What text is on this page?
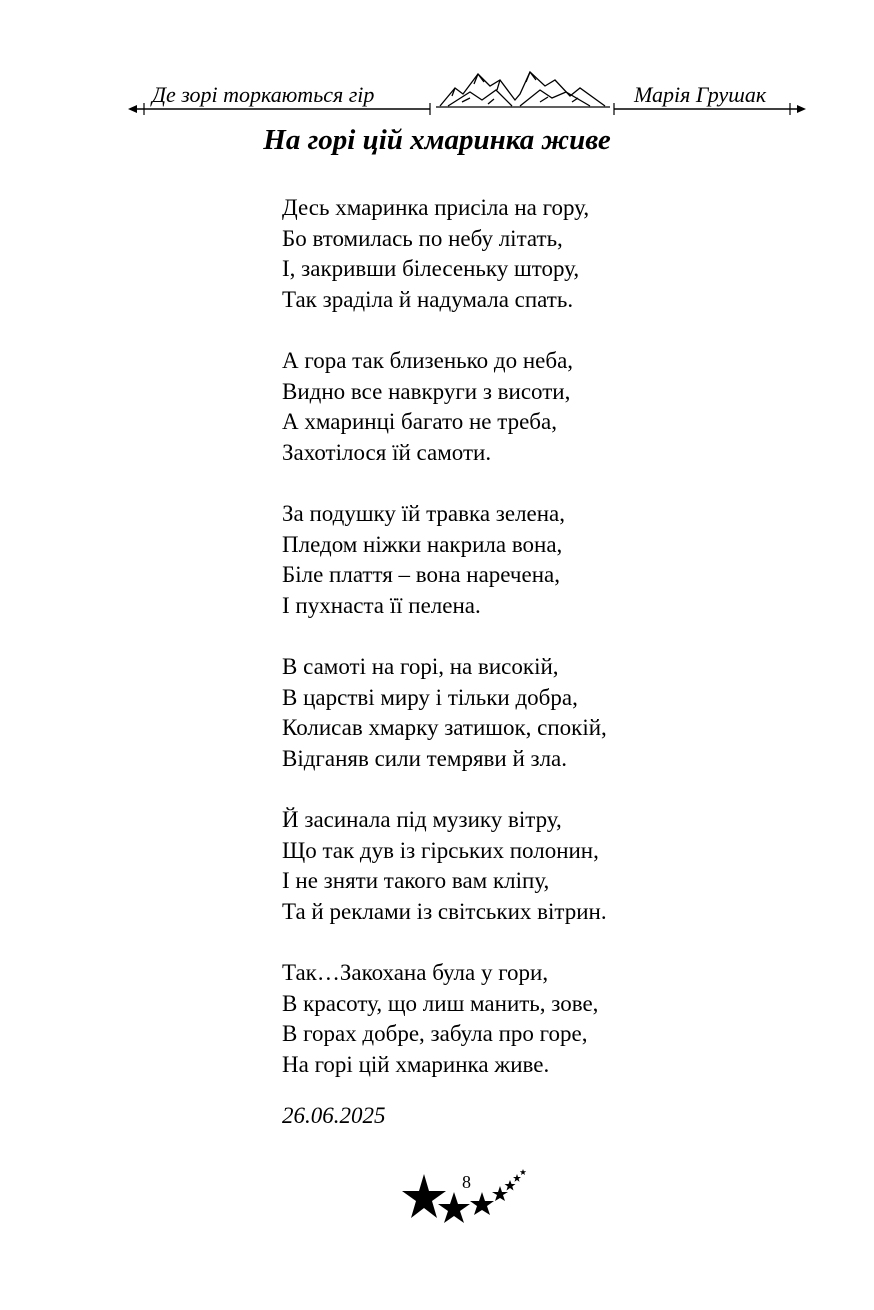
Де зорі торкаються гір	Марія Грушак
На горі цій хмаринка живе
Десь хмаринка присіла на гору,
Бо втомилась по небу літать,
І, закривши білесеньку штору,
Так зраділа й надумала спать.
А гора так близенько до неба,
Видно все навкруги з висоти,
А хмаринці багато не треба,
Захотілося їй самоти.
За подушку їй травка зелена,
Пледом ніжки накрила вона,
Біле плаття – вона наречена,
І пухнаста її пелена.
В самоті на горі, на високій,
В царстві миру і тільки добра,
Колисав хмарку затишок, спокій,
Відганяв сили темряви й зла.
Й засинала під музику вітру,
Що так дув із гірських полонин,
І не зняти такого вам кліпу,
Та й реклами із світських вітрин.
Так…Закохана була у гори,
В красоту, що лиш манить, зове,
В горах добре, забула про горе,
На горі цій хмаринка живе.
26.06.2025
8
